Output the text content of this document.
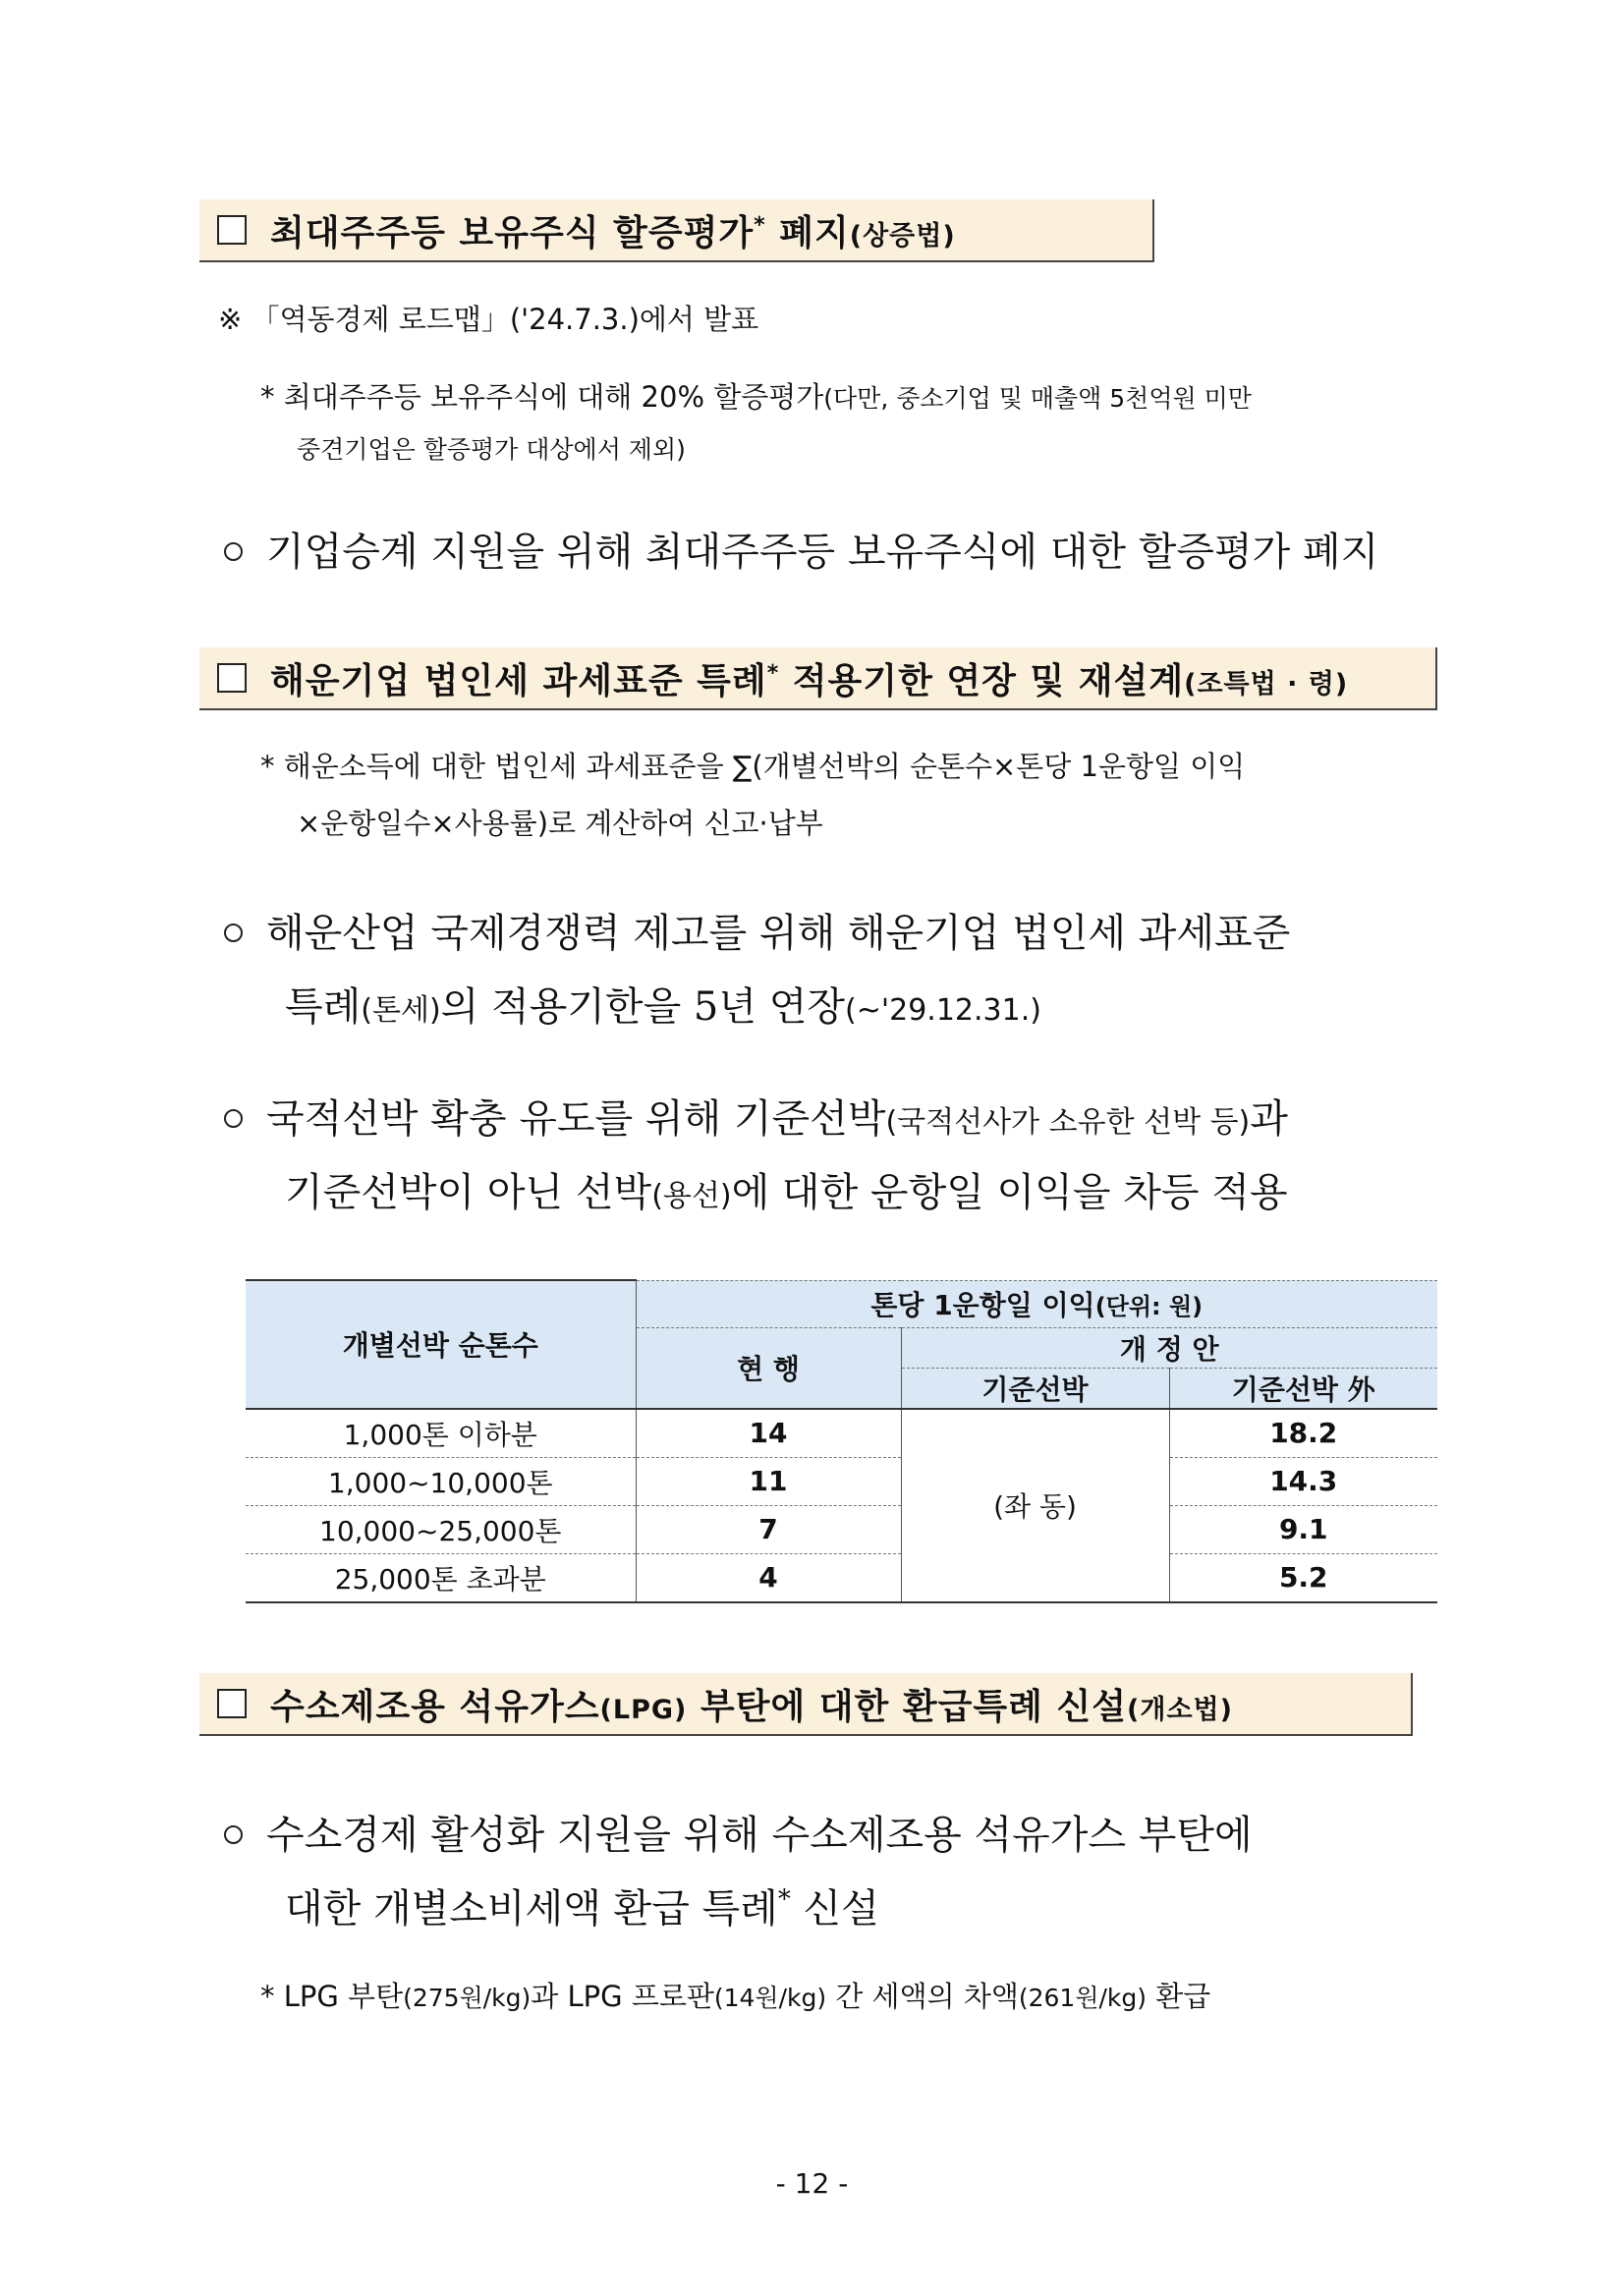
최대주주등 보유주식 할증평가* 폐지(상증법)
※ 「역동경제 로드맵」('24.7.3.)에서 발표
* 최대주주등 보유주식에 대해 20% 할증평가(다만, 중소기업 및 매출액 5천억원 미만
중견기업은 할증평가 대상에서 제외)
기업승계 지원을 위해 최대주주등 보유주식에 대한 할증평가 폐지
해운기업 법인세 과세표준 특례* 적용기한 연장 및 재설계(조특법 · 령)
* 해운소득에 대한 법인세 과세표준을 ∑(개별선박의 순톤수×톤당 1운항일 이익
×운항일수×사용률)로 계산하여 신고·납부
해운산업 국제경쟁력 제고를 위해 해운기업 법인세 과세표준
특례(톤세)의 적용기한을 5년 연장(~'29.12.31.)
국적선박 확충 유도를 위해 기준선박(국적선사가 소유한 선박 등)과
기준선박이 아닌 선박(용선)에 대한 운항일 이익을 차등 적용
개별선박 순톤수	톤당 1운항일 이익(단위: 원)		
	현 행	개 정 안	
		기준선박	기준선박 外
1,000톤 이하분	14	(좌 동)	18.2
1,000~10,000톤	11		14.3
10,000~25,000톤	7		9.1
25,000톤 초과분	4		5.2
수소제조용 석유가스(LPG) 부탄에 대한 환급특례 신설(개소법)
수소경제 활성화 지원을 위해 수소제조용 석유가스 부탄에
대한 개별소비세액 환급 특례* 신설
* LPG 부탄(275원/kg)과 LPG 프로판(14원/kg) 간 세액의 차액(261원/kg) 환급
- 12 -
